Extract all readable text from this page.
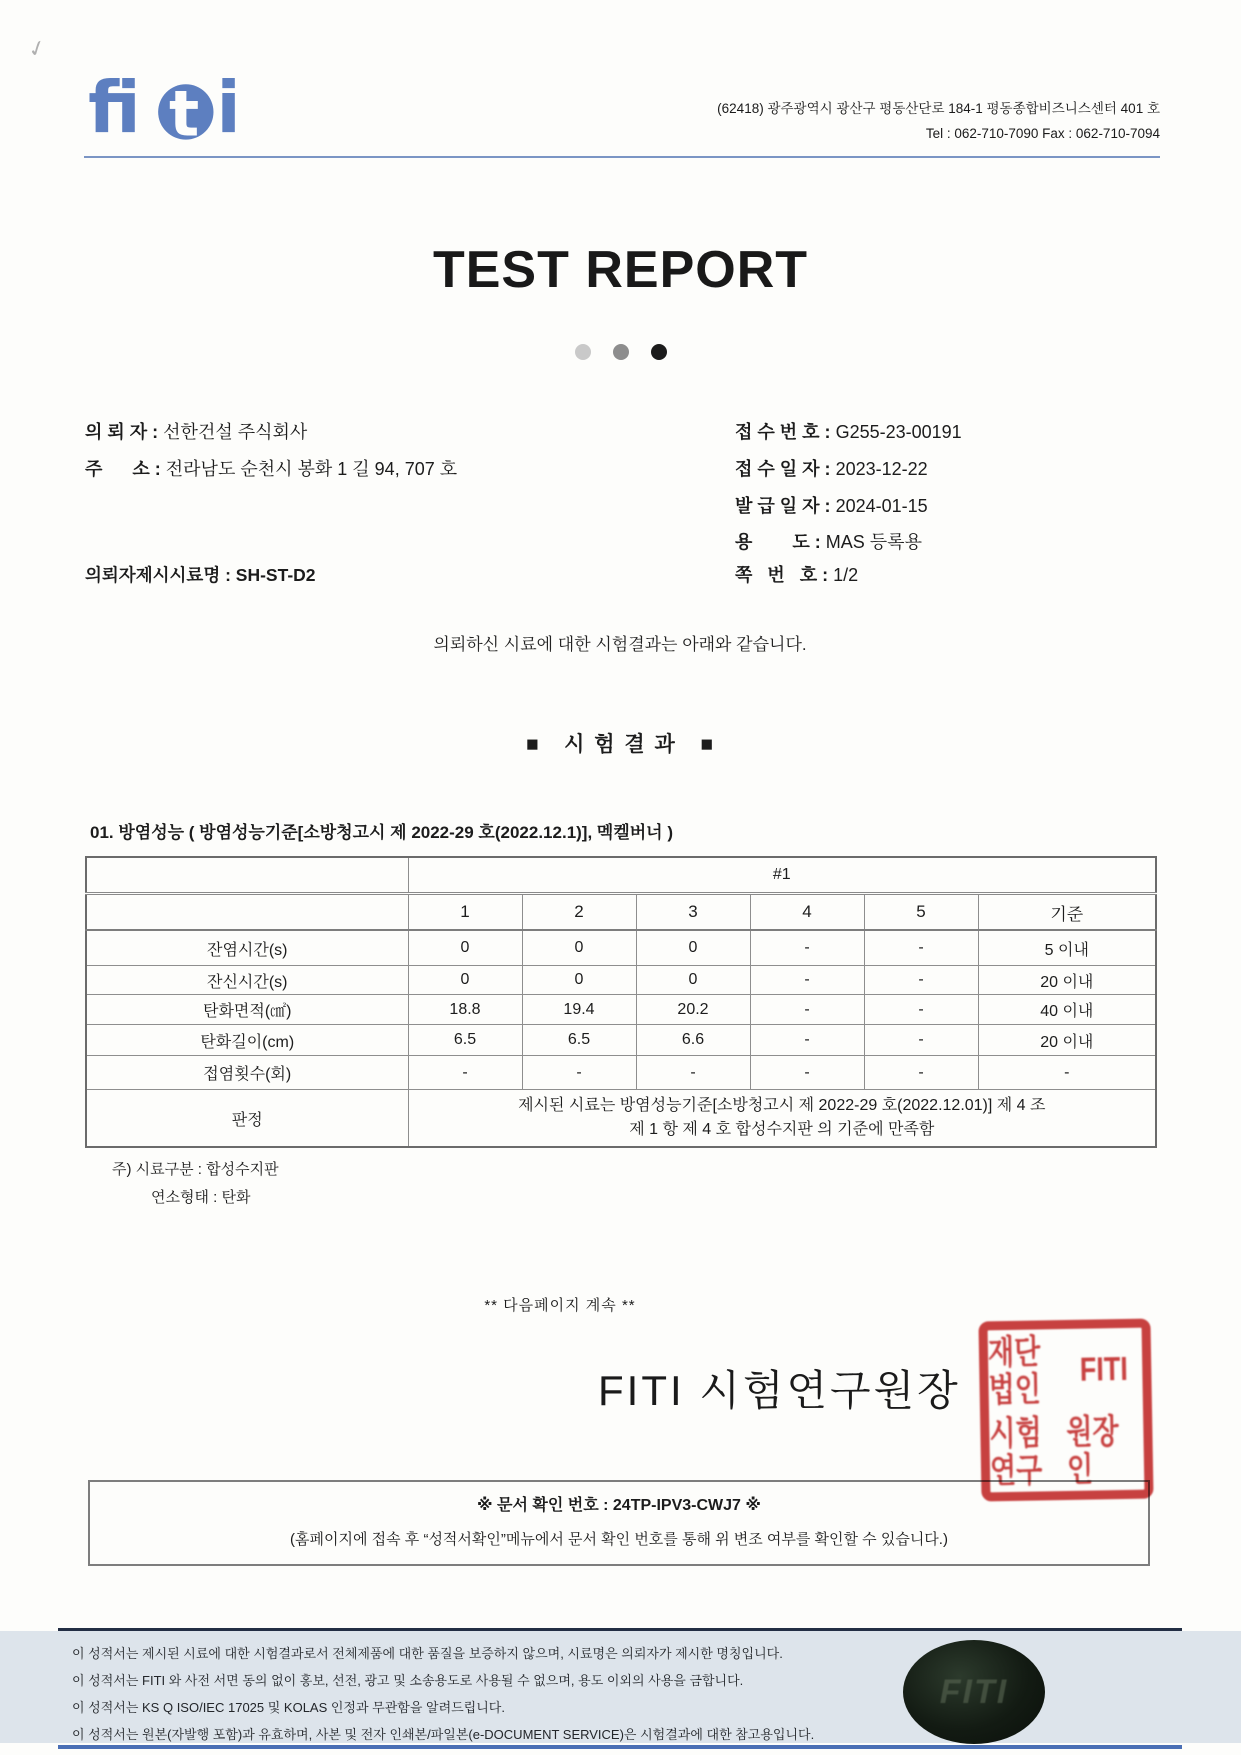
✓
fi t i	(62418) 광주광역시 광산구 평동산단로 184-1 평동종합비즈니스센터 401 호
Tel : 062-710-7090 Fax : 062-710-7094
TEST REPORT
의 뢰 자 : 선한건설 주식회사
주      소 : 전라남도 순천시 봉화 1 길 94, 707 호
접 수 번 호 : G255-23-00191
접 수 일 자 : 2023-12-22
발 급 일 자 : 2024-01-15
용        도 : MAS 등록용
쪽   번   호 : 1/2
의뢰자제시시료명 : SH-ST-D2
의뢰하신 시료에 대한 시험결과는 아래와 같습니다.
■   시 험 결 과   ■
01. 방염성능 ( 방염성능기준[소방청고시 제 2022-29 호(2022.12.1)], 멕켈버너 )
	#1					
	1	2	3	4	5	기준
잔염시간(s)	0	0	0	-	-	5 이내
잔신시간(s)	0	0	0	-	-	20 이내
탄화면적(㎠)	18.8	19.4	20.2	-	-	40 이내
탄화길이(cm)	6.5	6.5	6.6	-	-	20 이내
접염횟수(회)	-	-	-	-	-	-
판정	제시된 시료는 방염성능기준[소방청고시 제 2022-29 호(2022.12.01)] 제 4 조
제 1 항 제 4 호 합성수지판 의 기준에 만족함					
주) 시료구분 : 합성수지판
연소형태 : 탄화
** 다음페이지 계속 **
FITI 시험연구원장
재단법인
FITI
시험연구
원장인
※ 문서 확인 번호 : 24TP-IPV3-CWJ7 ※
(홈페이지에 접속 후 “성적서확인”메뉴에서 문서 확인 번호를 통해 위 변조 여부를 확인할 수 있습니다.)
이 성적서는 제시된 시료에 대한 시험결과로서 전체제품에 대한 품질을 보증하지 않으며, 시료명은 의뢰자가 제시한 명칭입니다.
이 성적서는 FITI 와 사전 서면 동의 없이 홍보, 선전, 광고 및 소송용도로 사용될 수 없으며, 용도 이외의 사용을 금합니다.
이 성적서는 KS Q ISO/IEC 17025 및 KOLAS 인정과 무관함을 알려드립니다.
이 성적서는 원본(자발행 포함)과 유효하며, 사본 및 전자 인쇄본/파일본(e-DOCUMENT SERVICE)은 시험결과에 대한 참고용입니다.
FITI
